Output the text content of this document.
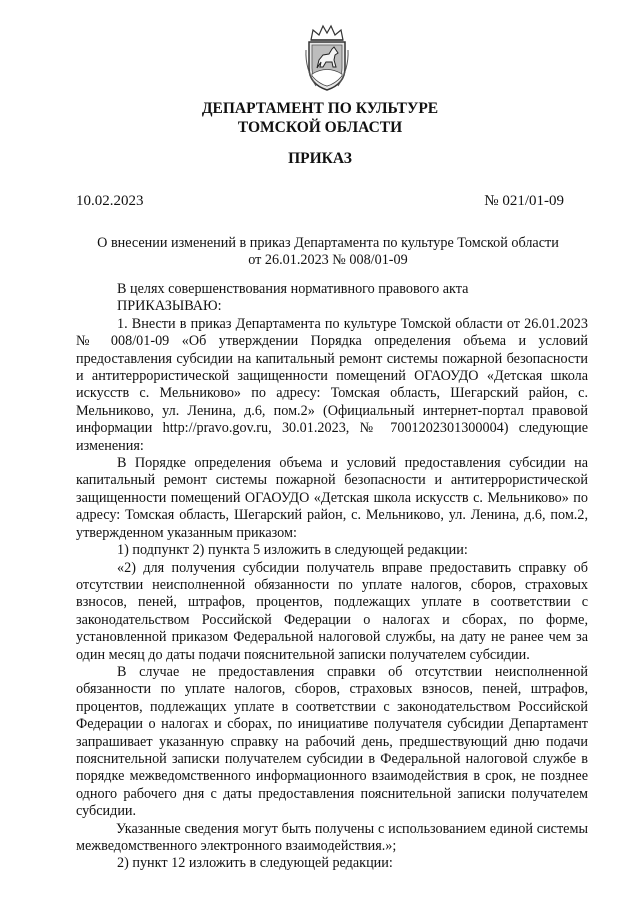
ДЕПАРТАМЕНТ ПО КУЛЬТУРЕ
ТОМСКОЙ ОБЛАСТИ
ПРИКАЗ
10.02.2023	№ 021/01-09
О внесении изменений в приказ Департамента по культуре Томской области
от 26.01.2023 № 008/01-09

В целях совершенствования нормативного правового акта

ПРИКАЗЫВАЮ:

1. Внести в приказ Департамента по культуре Томской области от 26.01.2023 № 008/01-09 «Об утверждении Порядка определения объема и условий предоставления субсидии на капитальный ремонт системы пожарной безопасности и антитеррористической защищенности помещений ОГАОУДО «Детская школа искусств с. Мельниково» по адресу: Томская область, Шегарский район, с. Мельниково, ул. Ленина, д.6, пом.2» (Официальный интернет-портал правовой информации http://pravo.gov.ru, 30.01.2023, № 7001202301300004) следующие изменения:

В Порядке определения объема и условий предоставления субсидии на капитальный ремонт системы пожарной безопасности и антитеррористической защищенности помещений ОГАОУДО «Детская школа искусств с. Мельниково» по адресу: Томская область, Шегарский район, с. Мельниково, ул. Ленина, д.6, пом.2, утвержденном указанным приказом:

1) подпункт 2) пункта 5 изложить в следующей редакции:

«2) для получения субсидии получатель вправе предоставить справку об отсутствии неисполненной обязанности по уплате налогов, сборов, страховых взносов, пеней, штрафов, процентов, подлежащих уплате в соответствии с законодательством Российской Федерации о налогах и сборах, по форме, установленной приказом Федеральной налоговой службы, на дату не ранее чем за один месяц до даты подачи пояснительной записки получателем субсидии.

В случае не предоставления справки об отсутствии неисполненной обязанности по уплате налогов, сборов, страховых взносов, пеней, штрафов, процентов, подлежащих уплате в соответствии с законодательством Российской Федерации о налогах и сборах, по инициативе получателя субсидии Департамент запрашивает указанную справку на рабочий день, предшествующий дню подачи пояснительной записки получателем субсидии в Федеральной налоговой службе в порядке межведомственного информационного взаимодействия в срок, не позднее одного рабочего дня с даты предоставления пояснительной записки получателем субсидии.

Указанные сведения могут быть получены с использованием единой системы межведомственного электронного взаимодействия.»;

2) пункт 12 изложить в следующей редакции:
